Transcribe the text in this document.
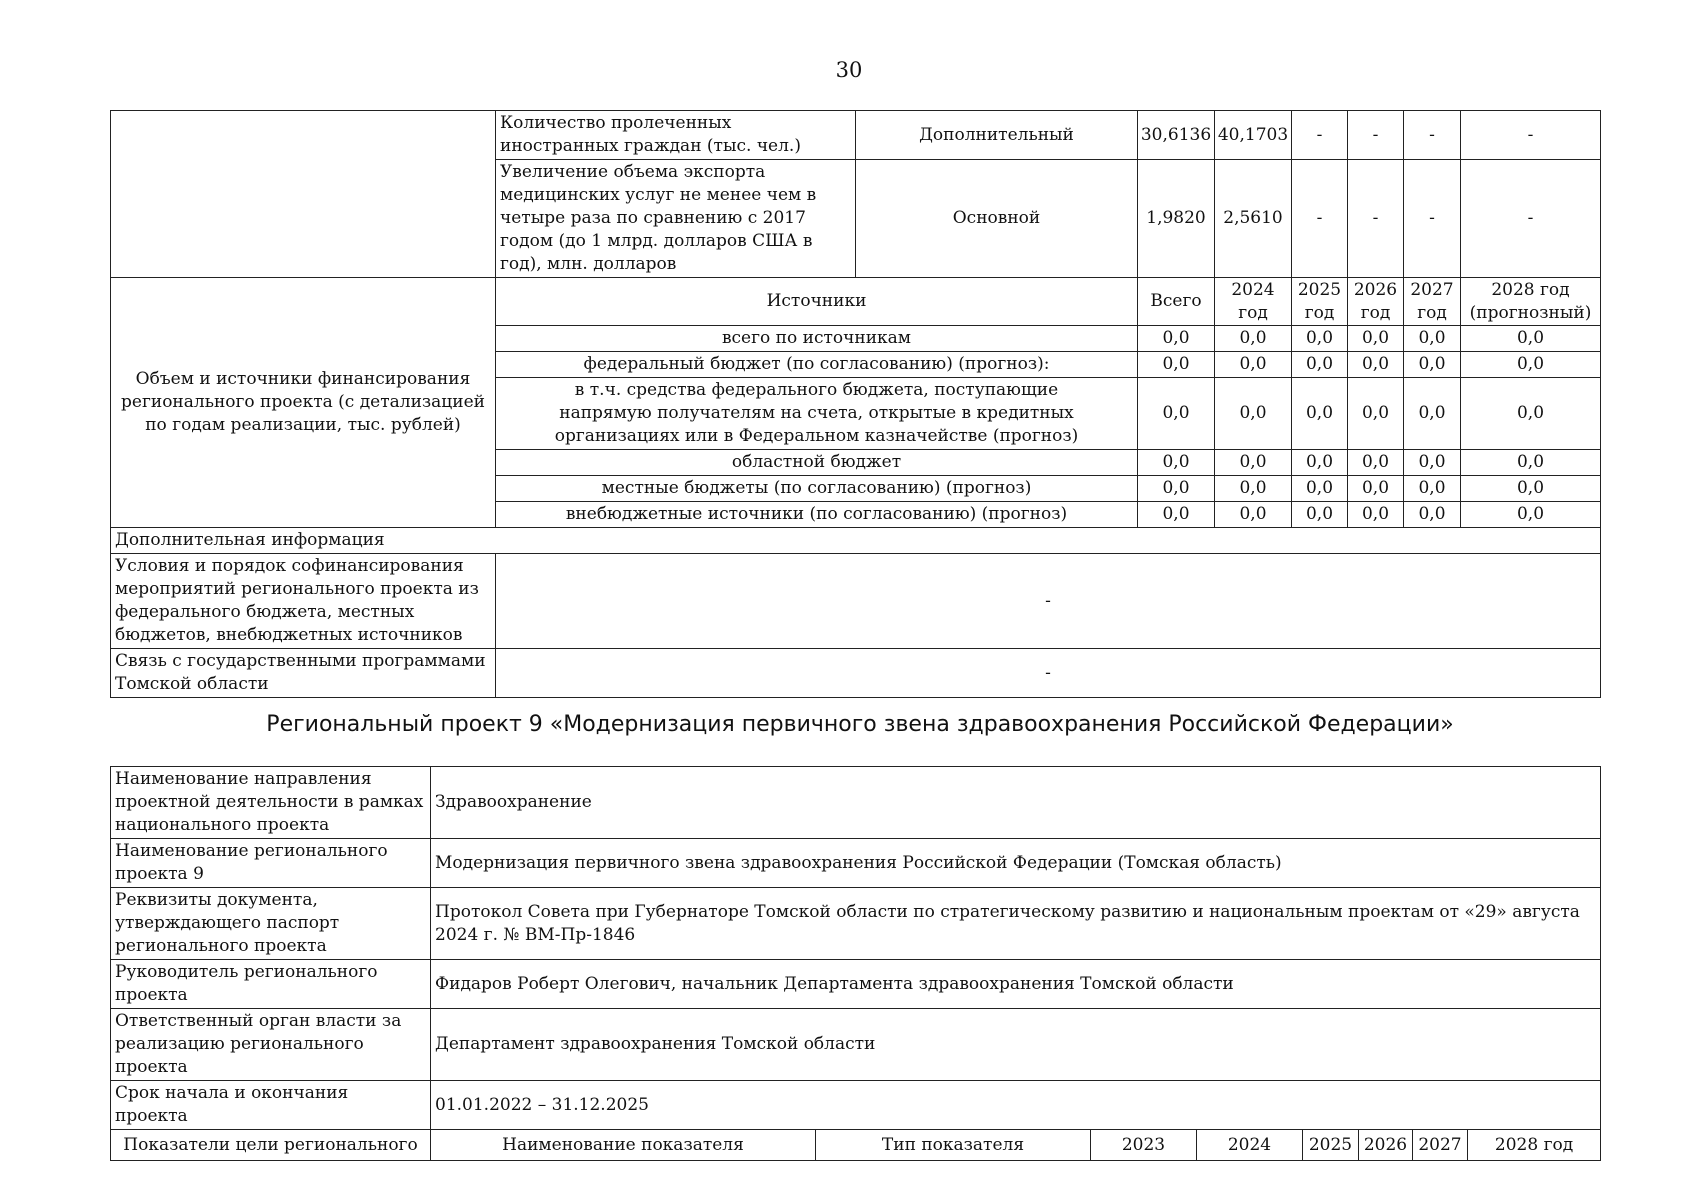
30
	Количество пролеченных иностранных граждан (тыс. чел.)	Дополнительный	30,6136	40,1703	-	-	-	-
	Увеличение объема экспорта медицинских услуг не менее чем в четыре раза по сравнению с 2017 годом (до 1 млрд. долларов США в год), млн. долларов	Основной	1,9820	2,5610	-	-	-	-
Объем и источники финансирования регионального проекта (с детализацией по годам реализации, тыс. рублей)	Источники		Всего	2024 год	2025 год	2026 год	2027 год	2028 год (прогнозный)
	всего по источникам		0,0	0,0	0,0	0,0	0,0	0,0
	федеральный бюджет (по согласованию) (прогноз):		0,0	0,0	0,0	0,0	0,0	0,0
	в т.ч. средства федерального бюджета, поступающие напрямую получателям на счета, открытые в кредитных организациях или в Федеральном казначействе (прогноз)		0,0	0,0	0,0	0,0	0,0	0,0
	областной бюджет		0,0	0,0	0,0	0,0	0,0	0,0
	местные бюджеты (по согласованию) (прогноз)		0,0	0,0	0,0	0,0	0,0	0,0
	внебюджетные источники (по согласованию) (прогноз)		0,0	0,0	0,0	0,0	0,0	0,0
Дополнительная информация								
Условия и порядок софинансирования мероприятий регионального проекта из федерального бюджета, местных бюджетов, внебюджетных источников	-							
Связь с государственными программами Томской области	-							
Региональный проект 9 «Модернизация первичного звена здравоохранения Российской Федерации»
Наименование направления проектной деятельности в рамках национального проекта	Здравоохранение							
Наименование регионального проекта 9	Модернизация первичного звена здравоохранения Российской Федерации (Томская область)							
Реквизиты документа, утверждающего паспорт регионального проекта	Протокол Совета при Губернаторе Томской области по стратегическому развитию и национальным проектам от «29» августа 2024 г. № ВМ-Пр-1846							
Руководитель регионального проекта	Фидаров Роберт Олегович, начальник Департамента здравоохранения Томской области							
Ответственный орган власти за реализацию регионального проекта	Департамент здравоохранения Томской области							
Срок начала и окончания проекта	01.01.2022 – 31.12.2025							
Показатели цели регионального	Наименование показателя	Тип показателя	2023	2024	2025	2026	2027	2028 год
